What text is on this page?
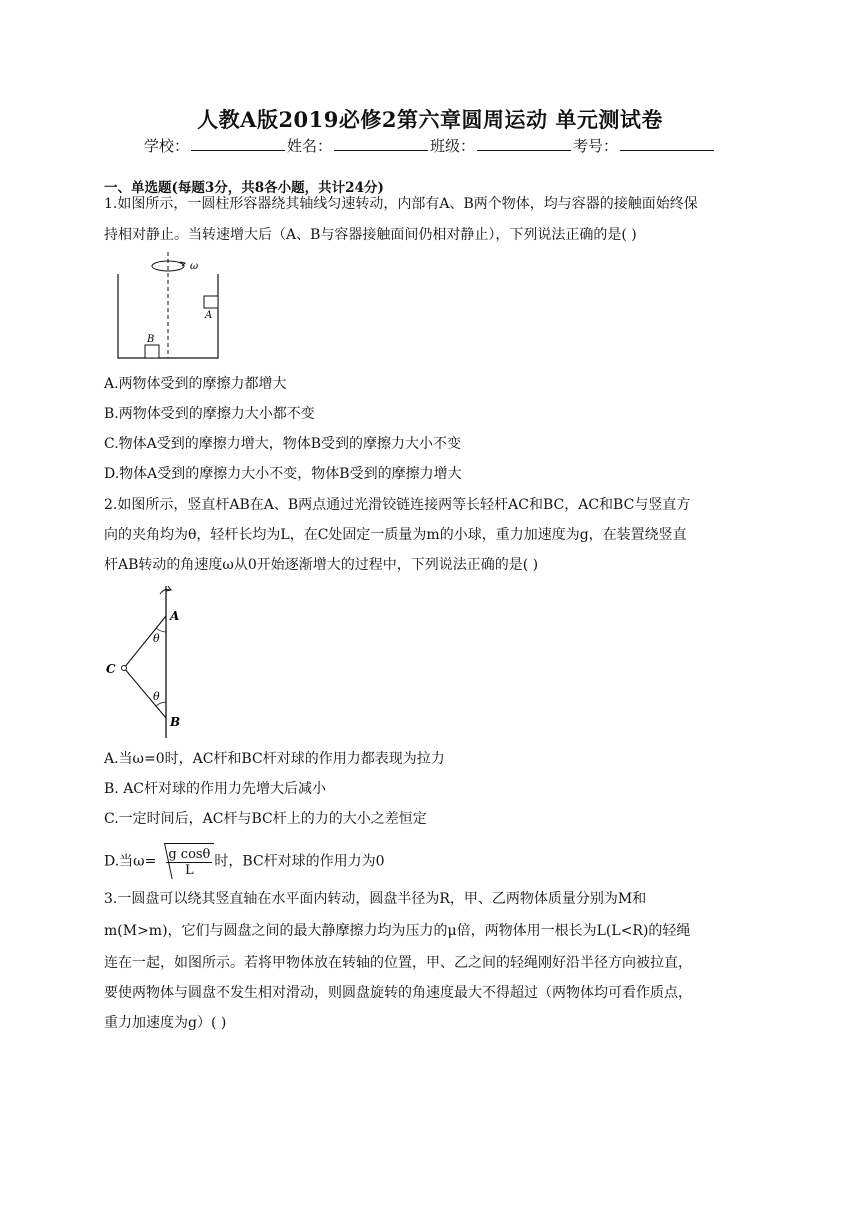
人教A版2019必修2第六章圆周运动 单元测试卷
学校：	姓名：	班级：	考号：
一、单选题(每题3分，共8各小题，共计24分)
1.如图所示，一圆柱形容器绕其轴线匀速转动，内部有A、B两个物体，均与容器的接触面始终保
持相对静止。当转速增大后（A、B与容器接触面间仍相对静止），下列说法正确的是( )
ω
A
B
A.两物体受到的摩擦力都增大
B.两物体受到的摩擦力大小都不变
C.物体A受到的摩擦力增大，物体B受到的摩擦力大小不变
D.物体A受到的摩擦力大小不变，物体B受到的摩擦力增大
2.如图所示，竖直杆AB在A、B两点通过光滑铰链连接两等长轻杆AC和BC，AC和BC与竖直方
向的夹角均为θ，轻杆长均为L，在C处固定一质量为m的小球，重力加速度为g，在装置绕竖直
杆AB转动的角速度ω从0开始逐渐增大的过程中，下列说法正确的是( )
A
B
C
θ
θ
A.当ω=0时，AC杆和BC杆对球的作用力都表现为拉力
B. AC杆对球的作用力先增大后减小
C.一定时间后，AC杆与BC杆上的力的大小之差恒定
D.当$\omega= \frac{\text{g cosθ}}{L}$ 时，BC杆对球的作用力为0
3.一圆盘可以绕其竖直轴在水平面内转动，圆盘半径为R，甲、乙两物体质量分别为M和
m(M>m)，它们与圆盘之间的最大静摩擦力均为压力的μ倍，两物体用一根长为L(L<R)的轻绳
连在一起，如图所示。若将甲物体放在转轴的位置，甲、乙之间的轻绳刚好沿半径方向被拉直，
要使两物体与圆盘不发生相对滑动，则圆盘旋转的角速度最大不得超过（两物体均可看作质点，
重力加速度为g）( )
